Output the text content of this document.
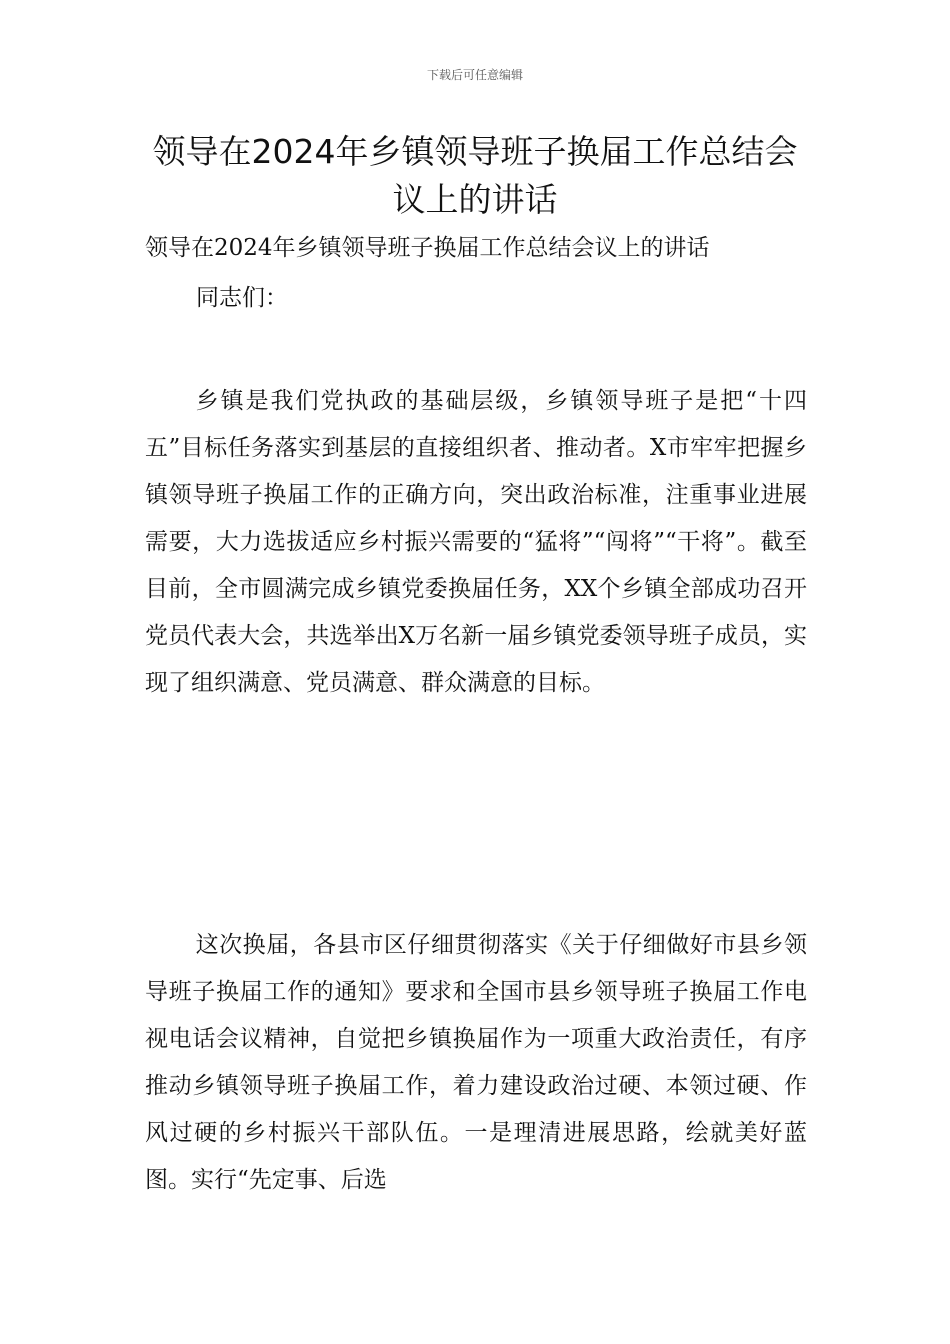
下载后可任意编辑
领导在2024年乡镇领导班子换届工作总结会议上的讲话
领导在2024年乡镇领导班子换届工作总结会议上的讲话
同志们：

乡镇是我们党执政的基础层级，乡镇领导班子是把“十四五”目标任务落实到基层的直接组织者、推动者。X市牢牢把握乡镇领导班子换届工作的正确方向，突出政治标准，注重事业进展需要，大力选拔适应乡村振兴需要的“猛将”“闯将”“干将”。截至目前，全市圆满完成乡镇党委换届任务，XX个乡镇全部成功召开党员代表大会，共选举出X万名新一届乡镇党委领导班子成员，实现了组织满意、党员满意、群众满意的目标。

这次换届，各县市区仔细贯彻落实《关于仔细做好市县乡领导班子换届工作的通知》要求和全国市县乡领导班子换届工作电视电话会议精神，自觉把乡镇换届作为一项重大政治责任，有序推动乡镇领导班子换届工作，着力建设政治过硬、本领过硬、作风过硬的乡村振兴干部队伍。一是理清进展思路，绘就美好蓝图。实行“先定事、后选
